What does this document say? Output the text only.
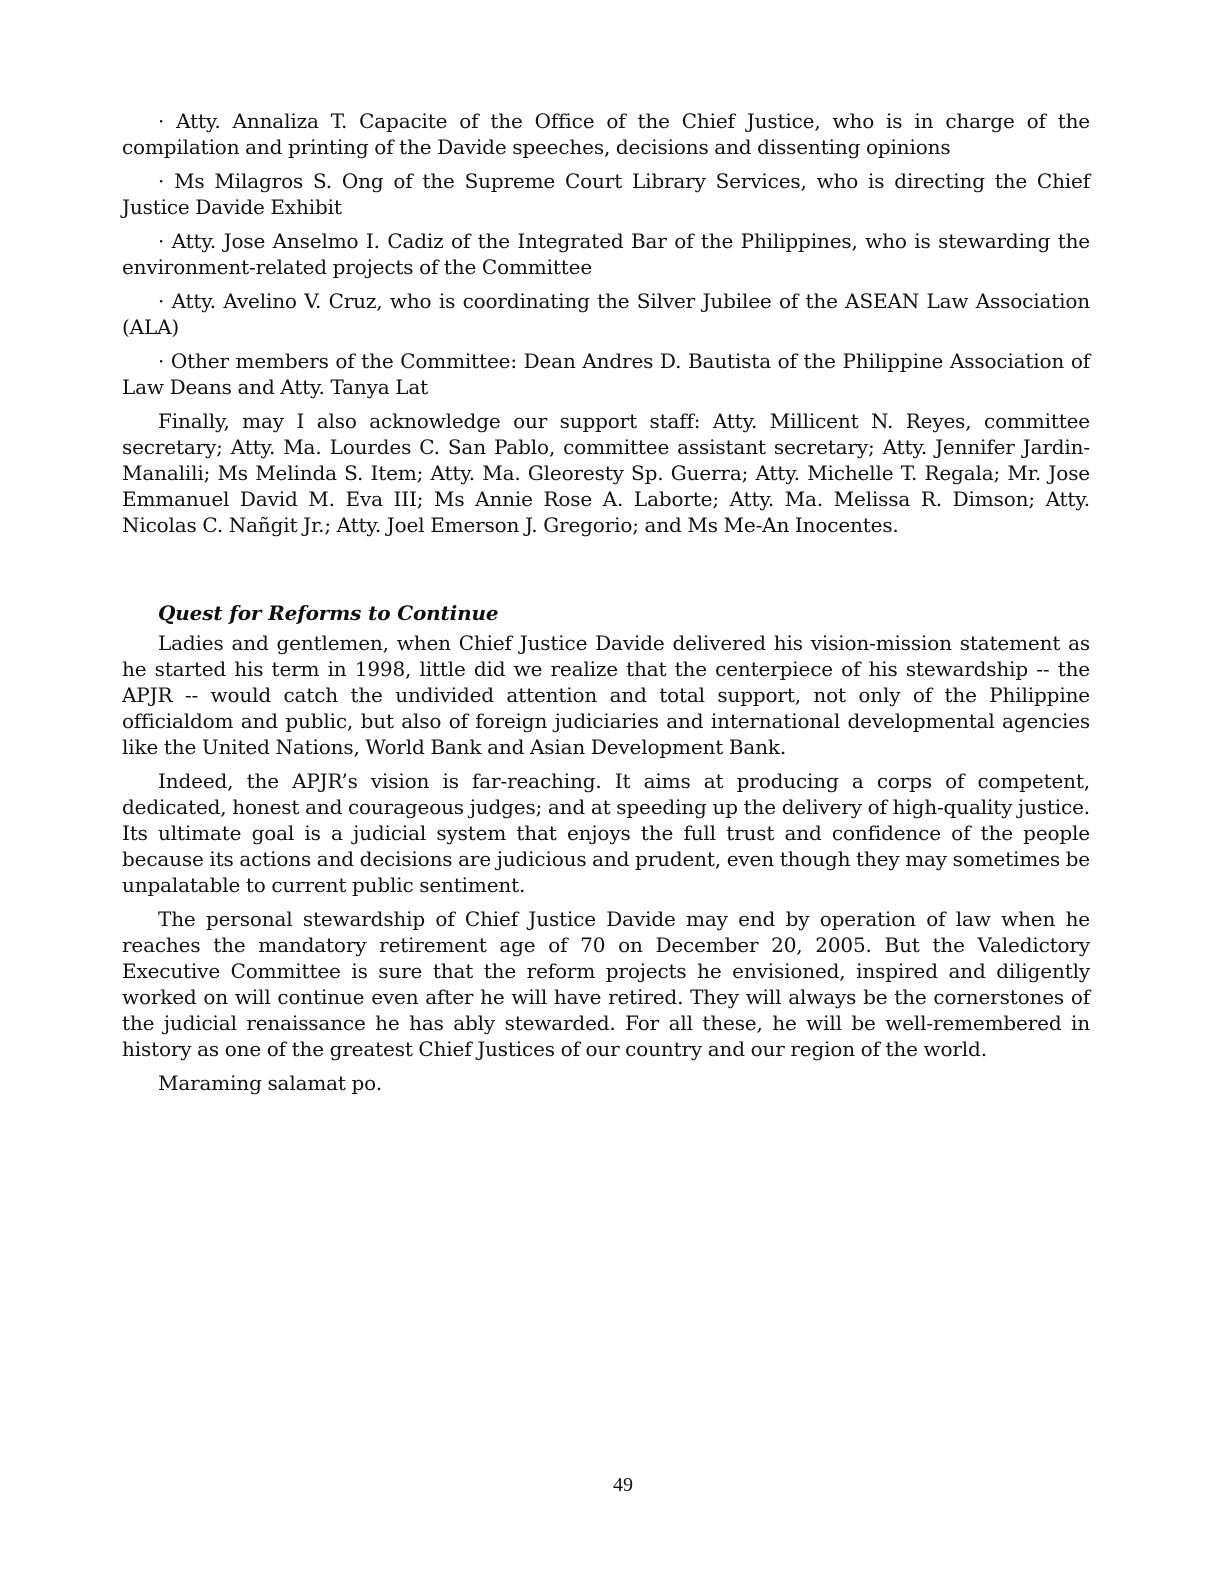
· Atty. Annaliza T. Capacite of the Office of the Chief Justice, who is in charge of the compilation and printing of the Davide speeches, decisions and dissenting opinions

· Ms Milagros S. Ong of the Supreme Court Library Services, who is directing the Chief Justice Davide Exhibit

· Atty. Jose Anselmo I. Cadiz of the Integrated Bar of the Philippines, who is stewarding the environment-related projects of the Committee

· Atty. Avelino V. Cruz, who is coordinating the Silver Jubilee of the ASEAN Law Association (ALA)

· Other members of the Committee: Dean Andres D. Bautista of the Philippine Association of Law Deans and Atty. Tanya Lat

Finally, may I also acknowledge our support staff: Atty. Millicent N. Reyes, committee secretary; Atty. Ma. Lourdes C. San Pablo, committee assistant secretary; Atty. Jennifer Jardin-Manalili; Ms Melinda S. Item; Atty. Ma. Gleoresty Sp. Guerra; Atty. Michelle T. Regala; Mr. Jose Emmanuel David M. Eva III; Ms Annie Rose A. Laborte; Atty. Ma. Melissa R. Dimson; Atty. Nicolas C. Nañgit Jr.; Atty. Joel Emerson J. Gregorio; and Ms Me-An Inocentes.

Quest for Reforms to Continue

Ladies and gentlemen, when Chief Justice Davide delivered his vision-mission statement as he started his term in 1998, little did we realize that the centerpiece of his stewardship -- the APJR -- would catch the undivided attention and total support, not only of the Philippine officialdom and public, but also of foreign judiciaries and international developmental agencies like the United Nations, World Bank and Asian Development Bank.

Indeed, the APJR’s vision is far-reaching. It aims at producing a corps of competent, dedicated, honest and courageous judges; and at speeding up the delivery of high-quality justice. Its ultimate goal is a judicial system that enjoys the full trust and confidence of the people because its actions and decisions are judicious and prudent, even though they may sometimes be unpalatable to current public sentiment.

The personal stewardship of Chief Justice Davide may end by operation of law when he reaches the mandatory retirement age of 70 on December 20, 2005. But the Valedictory Executive Committee is sure that the reform projects he envisioned, inspired and diligently worked on will continue even after he will have retired. They will always be the cornerstones of the judicial renaissance he has ably stewarded. For all these, he will be well-remembered in history as one of the greatest Chief Justices of our country and our region of the world.

Maraming salamat po.

49
